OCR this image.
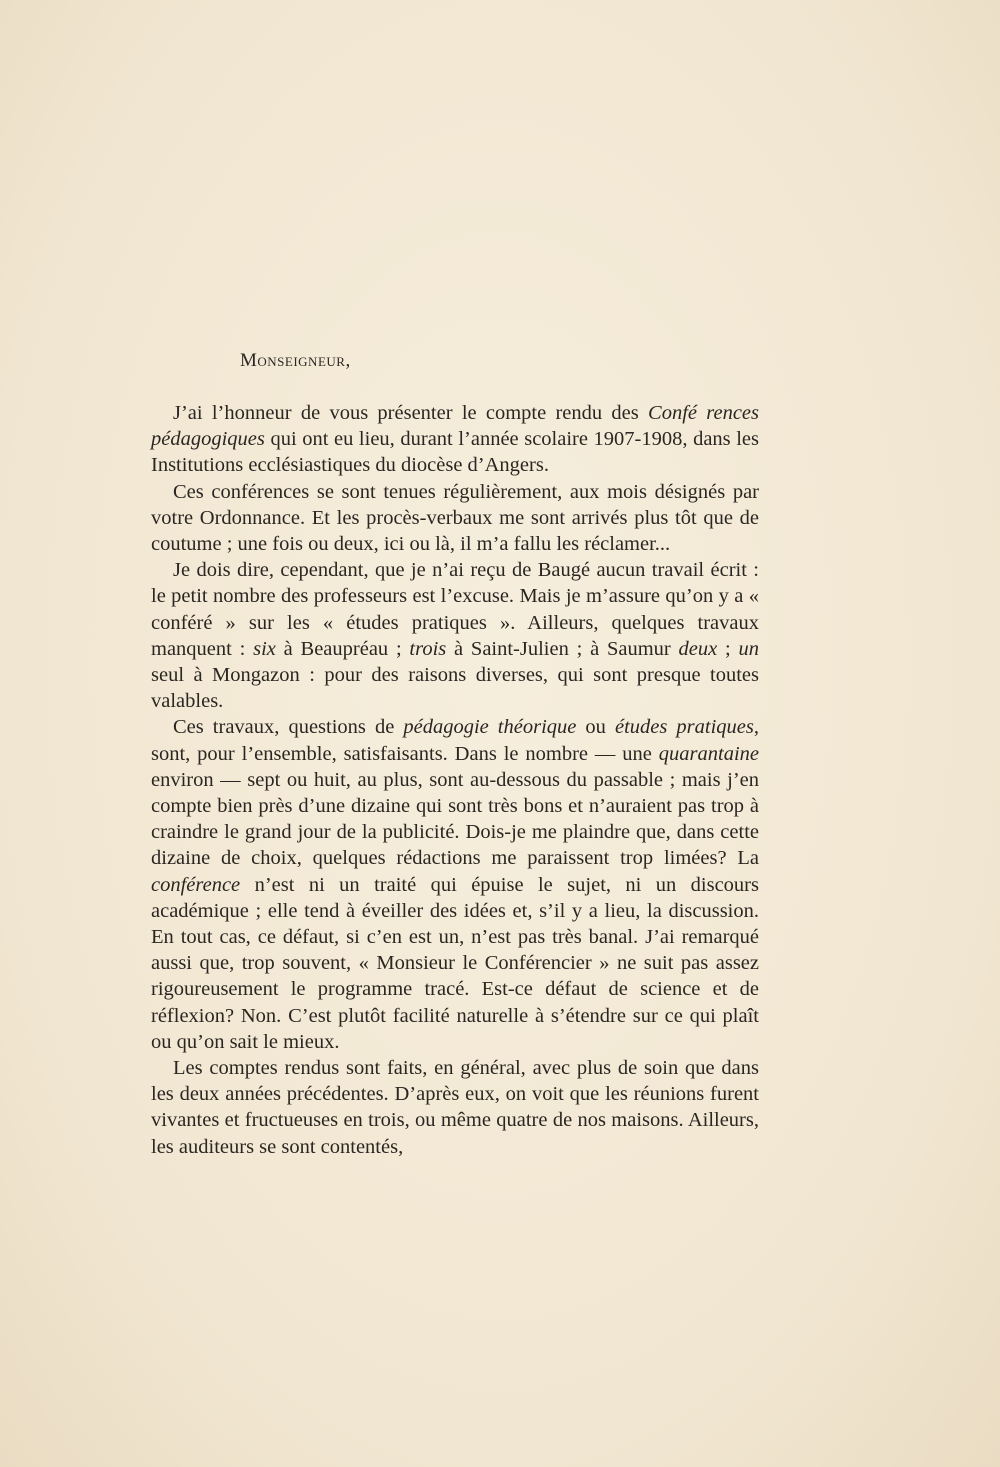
Monseigneur,

J’ai l’honneur de vous présenter le compte rendu des Confé rences pédagogiques qui ont eu lieu, durant l’année scolaire 1907-1908, dans les Institutions ecclésiastiques du diocèse d’Angers.

Ces conférences se sont tenues régulièrement, aux mois désignés par votre Ordonnance. Et les procès-verbaux me sont arrivés plus tôt que de coutume ; une fois ou deux, ici ou là, il m’a fallu les réclamer...

Je dois dire, cependant, que je n’ai reçu de Baugé aucun travail écrit : le petit nombre des professeurs est l’excuse. Mais je m’assure qu’on y a « conféré » sur les « études pratiques ». Ailleurs, quelques travaux manquent : six à Beaupréau ; trois à Saint-Julien ; à Saumur deux ; un seul à Mongazon : pour des raisons diverses, qui sont presque toutes valables.

Ces travaux, questions de pédagogie théorique ou études pratiques, sont, pour l’ensemble, satisfaisants. Dans le nombre — une quarantaine environ — sept ou huit, au plus, sont au-dessous du passable ; mais j’en compte bien près d’une dizaine qui sont très bons et n’auraient pas trop à craindre le grand jour de la publicité. Dois-je me plaindre que, dans cette dizaine de choix, quelques rédactions me paraissent trop limées? La conférence n’est ni un traité qui épuise le sujet, ni un discours académique ; elle tend à éveiller des idées et, s’il y a lieu, la discussion. En tout cas, ce défaut, si c’en est un, n’est pas très banal. J’ai remarqué aussi que, trop souvent, « Monsieur le Conférencier » ne suit pas assez rigoureusement le programme tracé. Est-ce défaut de science et de réflexion? Non. C’est plutôt facilité naturelle à s’étendre sur ce qui plaît ou qu’on sait le mieux.

Les comptes rendus sont faits, en général, avec plus de soin que dans les deux années précédentes. D’après eux, on voit que les réunions furent vivantes et fructueuses en trois, ou même quatre de nos maisons. Ailleurs, les auditeurs se sont contentés,
